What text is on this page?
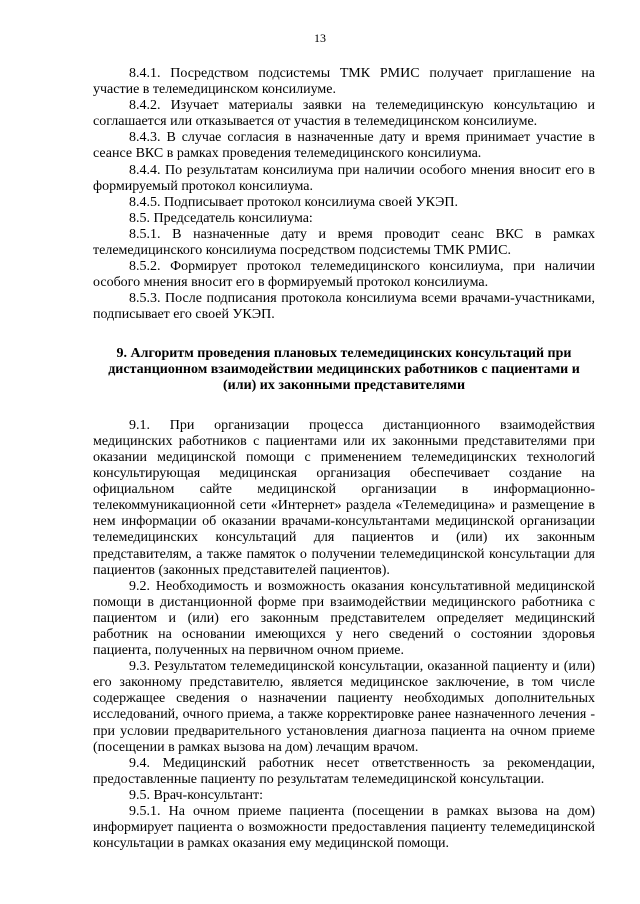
13

8.4.1. Посредством подсистемы ТМК РМИС получает приглашение на участие в телемедицинском консилиуме.

8.4.2. Изучает материалы заявки на телемедицинскую консультацию и соглашается или отказывается от участия в телемедицинском консилиуме.

8.4.3. В случае согласия в назначенные дату и время принимает участие в сеансе ВКС в рамках проведения телемедицинского консилиума.

8.4.4. По результатам консилиума при наличии особого мнения вносит его в формируемый протокол консилиума.

8.4.5. Подписывает протокол консилиума своей УКЭП.

8.5. Председатель консилиума:

8.5.1. В назначенные дату и время проводит сеанс ВКС в рамках телемедицинского консилиума посредством подсистемы ТМК РМИС.

8.5.2. Формирует протокол телемедицинского консилиума, при наличии особого мнения вносит его в формируемый протокол консилиума.

8.5.3. После подписания протокола консилиума всеми врачами-участниками, подписывает его своей УКЭП.

9. Алгоритм проведения плановых телемедицинских консультаций при дистанционном взаимодействии медицинских работников с пациентами и (или) их законными представителями

9.1. При организации процесса дистанционного взаимодействия медицинских работников с пациентами или их законными представителями при оказании медицинской помощи с применением телемедицинских технологий консультирующая медицинская организация обеспечивает создание на официальном сайте медицинской организации в информационно-телекоммуникационной сети «Интернет» раздела «Телемедицина» и размещение в нем информации об оказании врачами-консультантами медицинской организации телемедицинских консультаций для пациентов и (или) их законным представителям, а также памяток о получении телемедицинской консультации для пациентов (законных представителей пациентов).

9.2. Необходимость и возможность оказания консультативной медицинской помощи в дистанционной форме при взаимодействии медицинского работника с пациентом и (или) его законным представителем определяет медицинский работник на основании имеющихся у него сведений о состоянии здоровья пациента, полученных на первичном очном приеме.

9.3. Результатом телемедицинской консультации, оказанной пациенту и (или) его законному представителю, является медицинское заключение, в том числе содержащее сведения о назначении пациенту необходимых дополнительных исследований, очного приема, а также корректировке ранее назначенного лечения - при условии предварительного установления диагноза пациента на очном приеме (посещении в рамках вызова на дом) лечащим врачом.

9.4. Медицинский работник несет ответственность за рекомендации, предоставленные пациенту по результатам телемедицинской консультации.

9.5. Врач-консультант:

9.5.1. На очном приеме пациента (посещении в рамках вызова на дом) информирует пациента о возможности предоставления пациенту телемедицинской консультации в рамках оказания ему медицинской помощи.
